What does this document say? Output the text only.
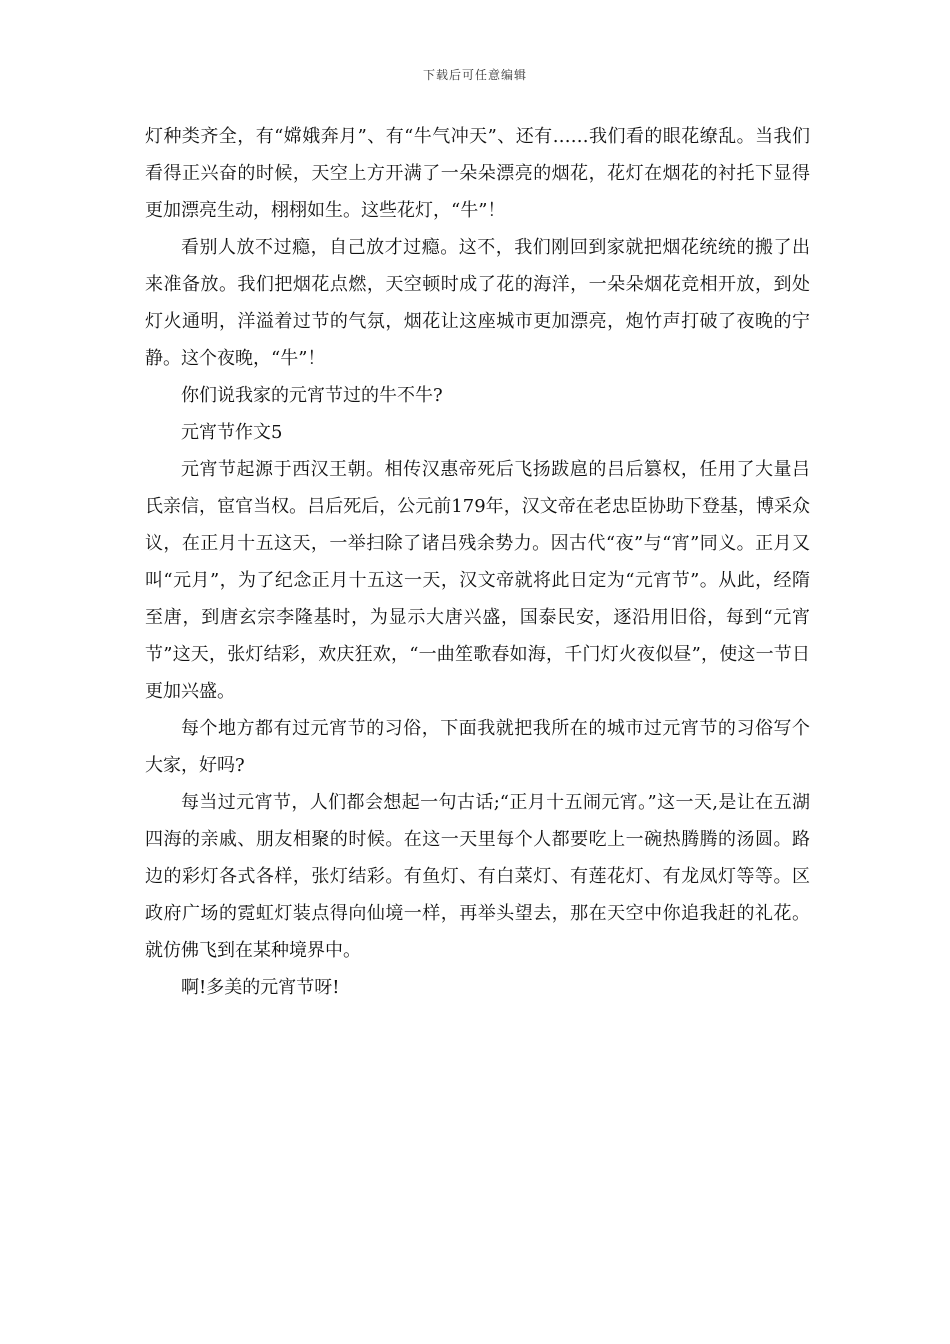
下载后可任意编辑

灯种类齐全，有“嫦娥奔月”、有“牛气冲天”、还有……我们看的眼花缭乱。当我们看得正兴奋的时候，天空上方开满了一朵朵漂亮的烟花，花灯在烟花的衬托下显得更加漂亮生动，栩栩如生。这些花灯，“牛”！

看别人放不过瘾，自己放才过瘾。这不，我们刚回到家就把烟花统统的搬了出来准备放。我们把烟花点燃，天空顿时成了花的海洋，一朵朵烟花竞相开放，到处灯火通明，洋溢着过节的气氛，烟花让这座城市更加漂亮，炮竹声打破了夜晚的宁静。这个夜晚，“牛”！

你们说我家的元宵节过的牛不牛?

元宵节作文5

元宵节起源于西汉王朝。相传汉惠帝死后飞扬跋扈的吕后篡权，任用了大量吕氏亲信，宦官当权。吕后死后，公元前179年，汉文帝在老忠臣协助下登基，博采众议，在正月十五这天，一举扫除了诸吕残余势力。因古代“夜”与“宵”同义。正月又叫“元月”，为了纪念正月十五这一天，汉文帝就将此日定为“元宵节”。从此，经隋至唐，到唐玄宗李隆基时，为显示大唐兴盛，国泰民安，逐沿用旧俗，每到“元宵节”这天，张灯结彩，欢庆狂欢，“一曲笙歌春如海，千门灯火夜似昼”，使这一节日更加兴盛。

每个地方都有过元宵节的习俗，下面我就把我所在的城市过元宵节的习俗写个大家，好吗?

每当过元宵节，人们都会想起一句古话;“正月十五闹元宵。”这一天,是让在五湖四海的亲戚、朋友相聚的时候。在这一天里每个人都要吃上一碗热腾腾的汤圆。路边的彩灯各式各样，张灯结彩。有鱼灯、有白菜灯、有莲花灯、有龙凤灯等等。区政府广场的霓虹灯装点得向仙境一样，再举头望去，那在天空中你追我赶的礼花。就仿佛飞到在某种境界中。

啊!多美的元宵节呀!
